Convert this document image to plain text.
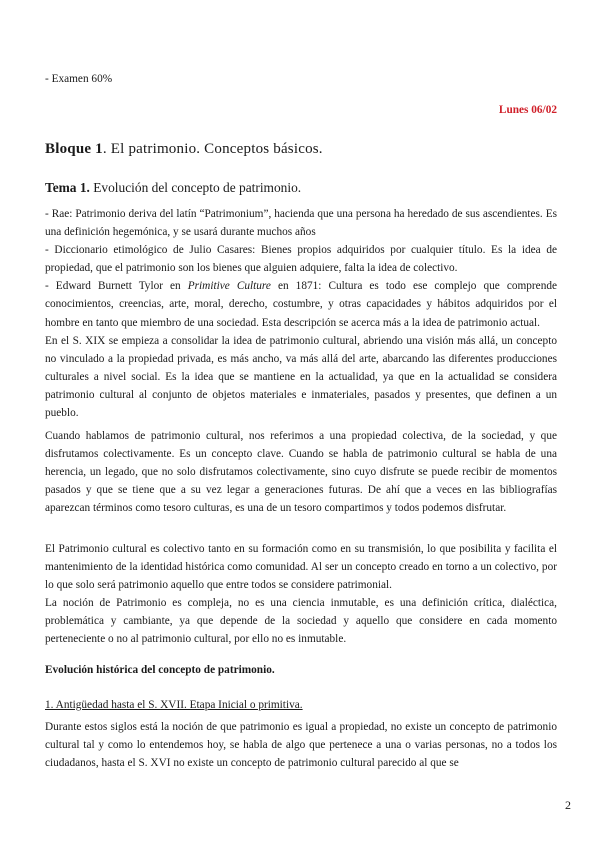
- Examen 60%
Lunes 06/02
Bloque 1. El patrimonio. Conceptos básicos.
Tema 1. Evolución del concepto de patrimonio.

- Rae: Patrimonio deriva del latín “Patrimonium”, hacienda que una persona ha heredado de sus ascendientes. Es una definición hegemónica, y se usará durante muchos años

- Diccionario etimológico de Julio Casares: Bienes propios adquiridos por cualquier título. Es la idea de propiedad, que el patrimonio son los bienes que alguien adquiere, falta la idea de colectivo.

- Edward Burnett Tylor en Primitive Culture en 1871: Cultura es todo ese complejo que comprende conocimientos, creencias, arte, moral, derecho, costumbre, y otras capacidades y hábitos adquiridos por el hombre en tanto que miembro de una sociedad. Esta descripción se acerca más a la idea de patrimonio actual.

En el S. XIX se empieza a consolidar la idea de patrimonio cultural, abriendo una visión más allá, un concepto no vinculado a la propiedad privada, es más ancho, va más allá del arte, abarcando las diferentes producciones culturales a nivel social. Es la idea que se mantiene en la actualidad, ya que en la actualidad se considera patrimonio cultural al conjunto de objetos materiales e inmateriales, pasados y presentes, que definen a un pueblo.

Cuando hablamos de patrimonio cultural, nos referimos a una propiedad colectiva, de la sociedad, y que disfrutamos colectivamente. Es un concepto clave. Cuando se habla de patrimonio cultural se habla de una herencia, un legado, que no solo disfrutamos colectivamente, sino cuyo disfrute se puede recibir de momentos pasados y que se tiene que a su vez legar a generaciones futuras. De ahí que a veces en las bibliografías aparezcan términos como tesoro culturas, es una de un tesoro compartimos y todos podemos disfrutar.

El Patrimonio cultural es colectivo tanto en su formación como en su transmisión, lo que posibilita y facilita el mantenimiento de la identidad histórica como comunidad. Al ser un concepto creado en torno a un colectivo, por lo que solo será patrimonio aquello que entre todos se considere patrimonial.

La noción de Patrimonio es compleja, no es una ciencia inmutable, es una definición crítica, dialéctica, problemática y cambiante, ya que depende de la sociedad y aquello que considere en cada momento perteneciente o no al patrimonio cultural, por ello no es inmutable.

Evolución histórica del concepto de patrimonio.
1. Antigüedad hasta el S. XVII. Etapa Inicial o primitiva.

Durante estos siglos está la noción de que patrimonio es igual a propiedad, no existe un concepto de patrimonio cultural tal y como lo entendemos hoy, se habla de algo que pertenece a una o varias personas, no a todos los ciudadanos, hasta el S. XVI no existe un concepto de patrimonio cultural parecido al que se

2
